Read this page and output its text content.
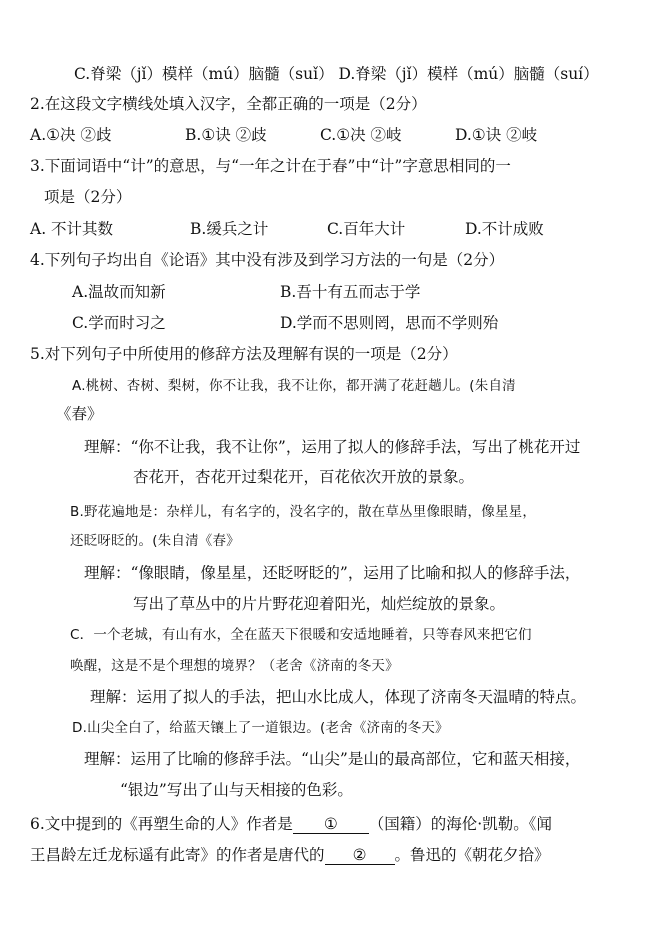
C.脊梁（jǐ）模样（mú）脑髓（suǐ） D.脊梁（jǐ）模样（mú）脑髓（suí）
2.在这段文字横线处填入汉字，全都正确的一项是（2分）
A.①决 ②歧	B.①诀 ②歧	C.①决 ②岐	D.①诀 ②岐
3.下面词语中“计”的意思，与“一年之计在于春”中“计”字意思相同的一
项是（2分）
A. 不计其数	B.缓兵之计	C.百年大计	D.不计成败
4.下列句子均出自《论语》其中没有涉及到学习方法的一句是（2分）
A.温故而知新	B.吾十有五而志于学
C.学而时习之	D.学而不思则罔，思而不学则殆
5.对下列句子中所使用的修辞方法及理解有误的一项是（2分）
A.桃树、杏树、梨树，你不让我，我不让你，都开满了花赶趟儿。(朱自清
《春》
理解：“你不让我，我不让你”，运用了拟人的修辞手法，写出了桃花开过
杏花开，杏花开过梨花开，百花依次开放的景象。
B.野花遍地是：杂样儿，有名字的，没名字的，散在草丛里像眼睛，像星星，
还眨呀眨的。(朱自清《春》
理解：“像眼睛，像星星，还眨呀眨的”，运用了比喻和拟人的修辞手法，
写出了草丛中的片片野花迎着阳光，灿烂绽放的景象。
C．一个老城，有山有水，全在蓝天下很暖和安适地睡着，只等春风来把它们
唤醒，这是不是个理想的境界？（老舍《济南的冬天》
理解：运用了拟人的手法，把山水比成人，体现了济南冬天温晴的特点。
D.山尖全白了，给蓝天镶上了一道银边。(老舍《济南的冬天》
理解：运用了比喻的修辞手法。“山尖”是山的最高部位，它和蓝天相接，
“银边”写出了山与天相接的色彩。
6.文中提到的《再塑生命的人》作者是 ① （国籍）的海伦·凯勒。《闻
王昌龄左迁龙标遥有此寄》的作者是唐代的 ② 。鲁迅的《朝花夕拾》
